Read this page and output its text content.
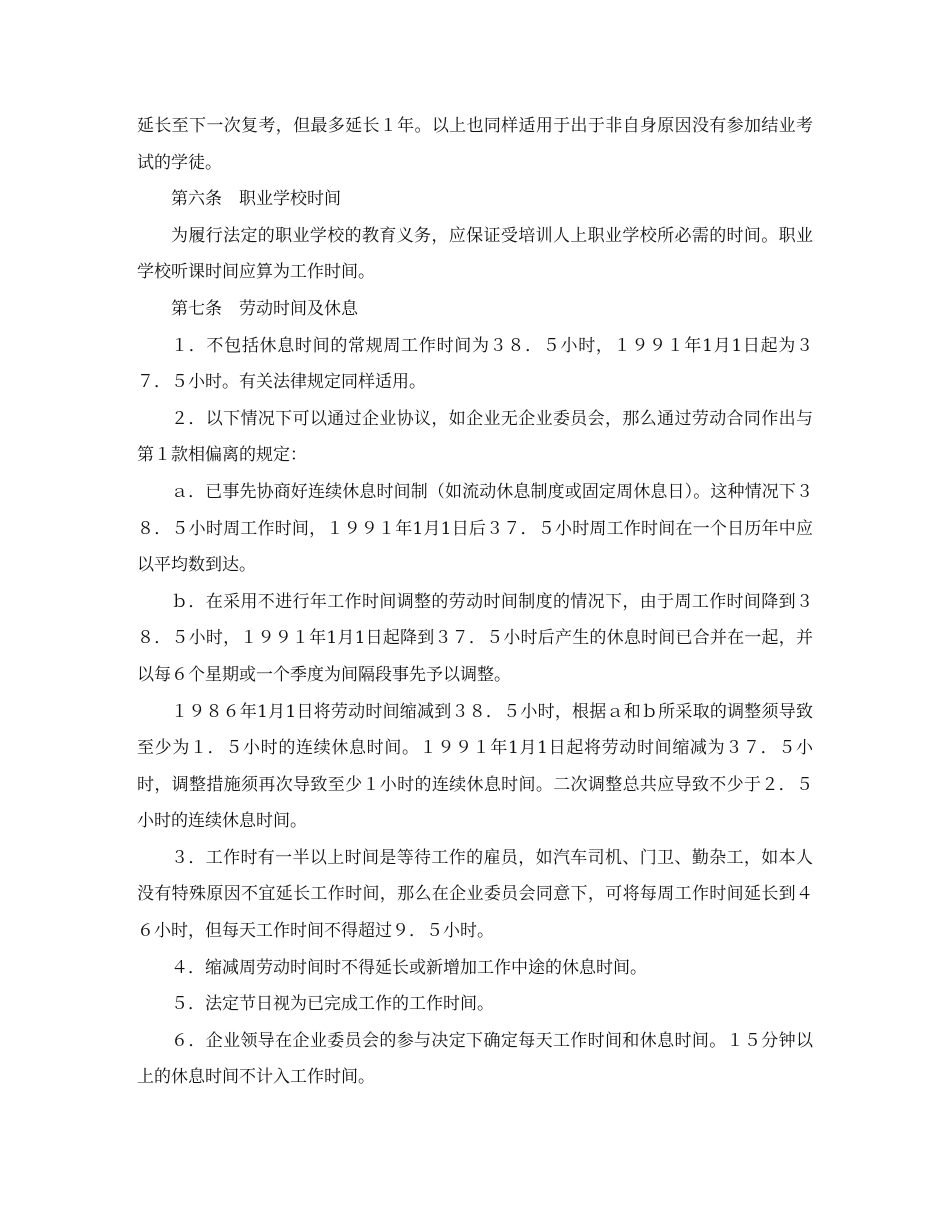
延长至下一次复考，但最多延长１年。以上也同样适用于出于非自身原因没有参加结业考试的学徒。

第六条　职业学校时间

为履行法定的职业学校的教育义务，应保证受培训人上职业学校所必需的时间。职业学校听课时间应算为工作时间。

第七条　劳动时间及休息

１．不包括休息时间的常规周工作时间为３８．５小时，１９９１年1月1日起为３７．５小时。有关法律规定同样适用。

２．以下情况下可以通过企业协议，如企业无企业委员会，那么通过劳动合同作出与第１款相偏离的规定：

ａ．已事先协商好连续休息时间制（如流动休息制度或固定周休息日）。这种情况下３８．５小时周工作时间，１９９１年1月1日后３７．５小时周工作时间在一个日历年中应以平均数到达。

ｂ．在采用不进行年工作时间调整的劳动时间制度的情况下，由于周工作时间降到３８．５小时，１９９１年1月1日起降到３７．５小时后产生的休息时间已合并在一起，并以每６个星期或一个季度为间隔段事先予以调整。

１９８６年1月1日将劳动时间缩减到３８．５小时，根据ａ和ｂ所采取的调整须导致至少为１．５小时的连续休息时间。１９９１年1月1日起将劳动时间缩减为３７．５小时，调整措施须再次导致至少１小时的连续休息时间。二次调整总共应导致不少于２．５小时的连续休息时间。

３．工作时有一半以上时间是等待工作的雇员，如汽车司机、门卫、勤杂工，如本人没有特殊原因不宜延长工作时间，那么在企业委员会同意下，可将每周工作时间延长到４６小时，但每天工作时间不得超过９．５小时。

４．缩减周劳动时间时不得延长或新增加工作中途的休息时间。

５．法定节日视为已完成工作的工作时间。

６．企业领导在企业委员会的参与决定下确定每天工作时间和休息时间。１５分钟以上的休息时间不计入工作时间。
